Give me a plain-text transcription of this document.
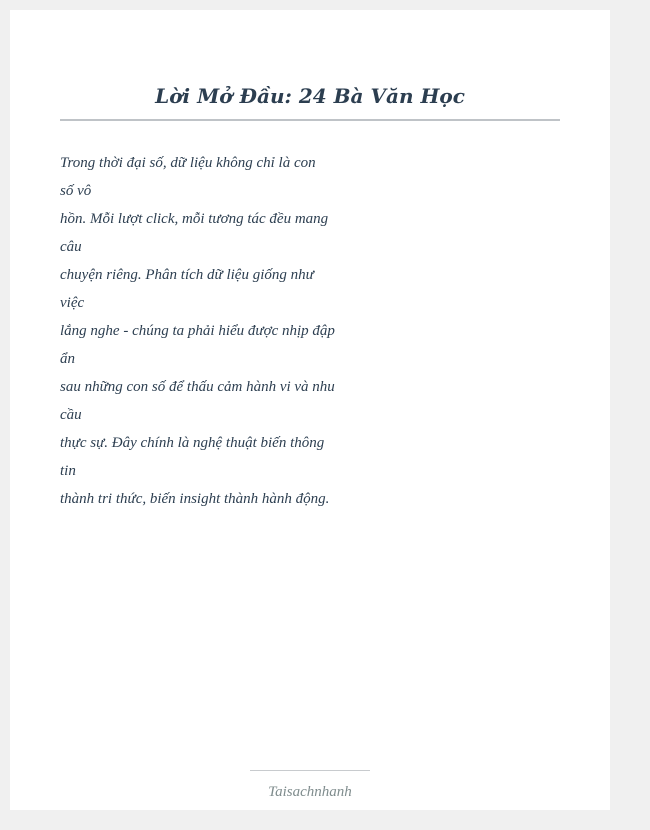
Lời Mở Đầu: 24 Bà Văn Học
Trong thời đại số, dữ liệu không chỉ là con
số vô
hồn. Mỗi lượt click, mỗi tương tác đều mang
câu
chuyện riêng. Phân tích dữ liệu giống như
việc
lắng nghe - chúng ta phải hiểu được nhịp đập
ẩn
sau những con số để thấu cảm hành vi và nhu
cầu
thực sự. Đây chính là nghệ thuật biến thông
tin
thành tri thức, biến insight thành hành động.
Taisachnhanh
